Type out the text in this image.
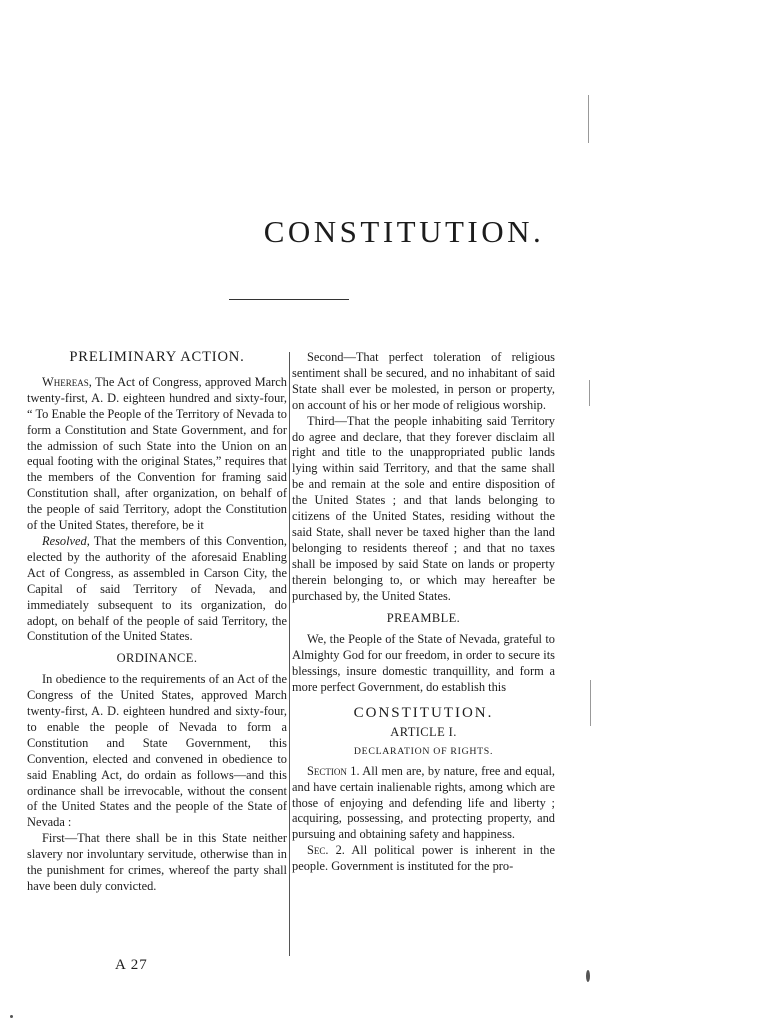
CONSTITUTION.
PRELIMINARY ACTION.

Whereas, The Act of Congress, approved March twenty-first, A. D. eighteen hundred and sixty-four, “ To Enable the People of the Territory of Nevada to form a Constitution and State Government, and for the admission of such State into the Union on an equal footing with the original States,” requires that the members of the Convention for framing said Constitution shall, after organization, on behalf of the people of said Territory, adopt the Constitution of the United States, therefore, be it

Resolved, That the members of this Convention, elected by the authority of the aforesaid Enabling Act of Congress, as assembled in Carson City, the Capital of said Territory of Nevada, and immediately subsequent to its organization, do adopt, on behalf of the people of said Territory, the Constitution of the United States.

ORDINANCE.

In obedience to the requirements of an Act of the Congress of the United States, approved March twenty-first, A. D. eighteen hundred and sixty-four, to enable the people of Nevada to form a Constitution and State Government, this Convention, elected and convened in obedience to said Enabling Act, do ordain as follows—and this ordinance shall be irrevocable, without the consent of the United States and the people of the State of Nevada :

First—That there shall be in this State neither slavery nor involuntary servitude, otherwise than in the punishment for crimes, whereof the party shall have been duly convicted.

Second—That perfect toleration of religious sentiment shall be secured, and no inhabitant of said State shall ever be molested, in person or property, on account of his or her mode of religious worship.

Third—That the people inhabiting said Territory do agree and declare, that they forever disclaim all right and title to the unappropriated public lands lying within said Territory, and that the same shall be and remain at the sole and entire disposition of the United States ; and that lands belonging to citizens of the United States, residing without the said State, shall never be taxed higher than the land belonging to residents thereof ; and that no taxes shall be imposed by said State on lands or property therein belonging to, or which may hereafter be purchased by, the United States.

PREAMBLE.

We, the People of the State of Nevada, grateful to Almighty God for our freedom, in order to secure its blessings, insure domestic tranquillity, and form a more perfect Government, do establish this

CONSTITUTION.
ARTICLE I.
DECLARATION OF RIGHTS.

Section 1. All men are, by nature, free and equal, and have certain inalienable rights, among which are those of enjoying and defending life and liberty ; acquiring, possessing, and protecting property, and pursuing and obtaining safety and happiness.

Sec. 2. All political power is inherent in the people. Government is instituted for the pro-

A 27
